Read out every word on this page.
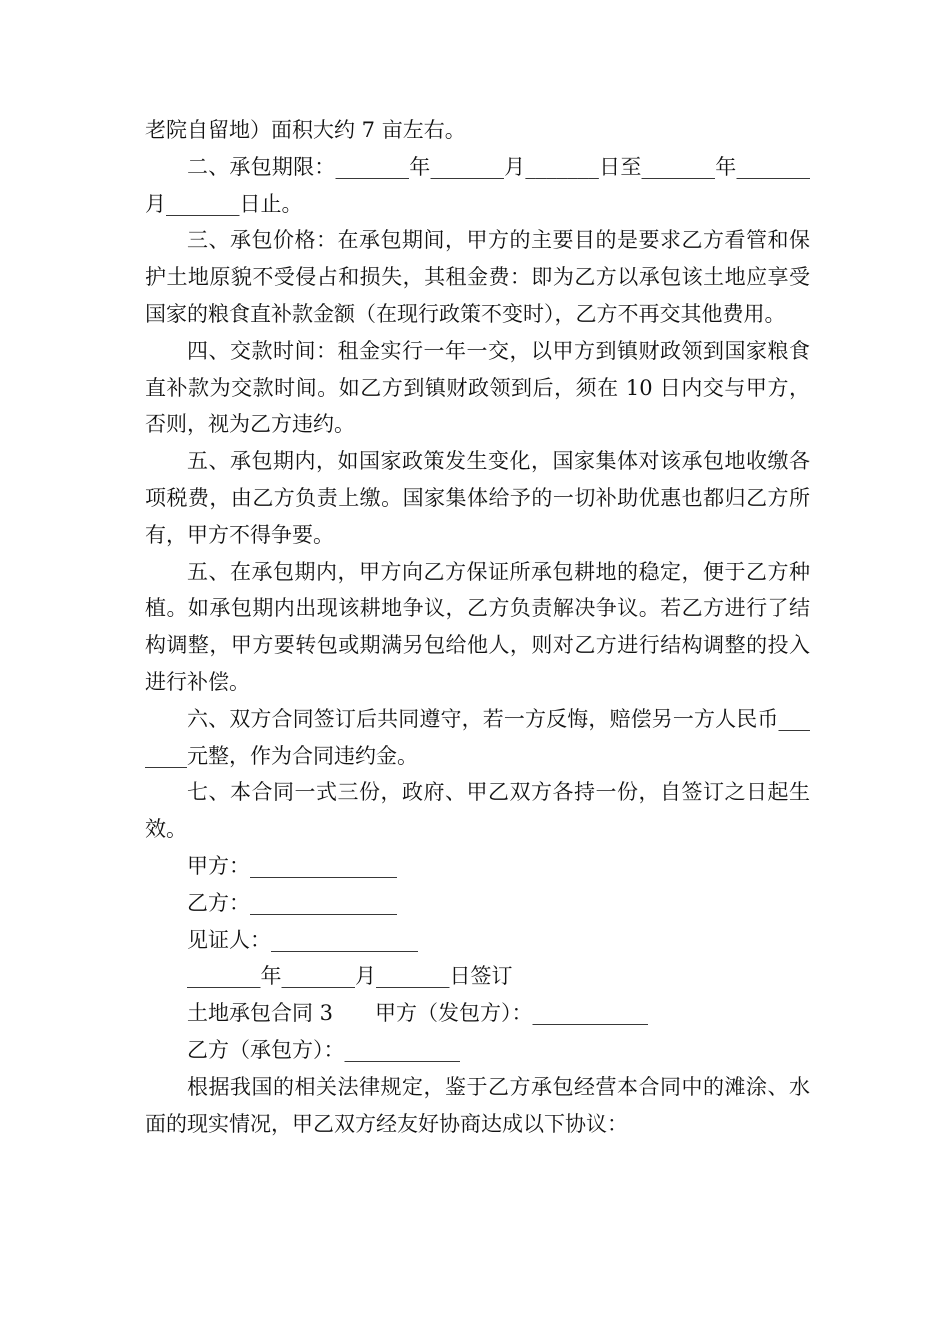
老院自留地）面积大约 7 亩左右。

二、承包期限：_______年_______月_______日至_______年_______月_______日止。

三、承包价格：在承包期间，甲方的主要目的是要求乙方看管和保护土地原貌不受侵占和损失，其租金费：即为乙方以承包该土地应享受国家的粮食直补款金额（在现行政策不变时），乙方不再交其他费用。

四、交款时间：租金实行一年一交，以甲方到镇财政领到国家粮食直补款为交款时间。如乙方到镇财政领到后，须在 10 日内交与甲方，否则，视为乙方违约。

五、承包期内，如国家政策发生变化，国家集体对该承包地收缴各项税费，由乙方负责上缴。国家集体给予的一切补助优惠也都归乙方所有，甲方不得争要。

五、在承包期内，甲方向乙方保证所承包耕地的稳定，便于乙方种植。如承包期内出现该耕地争议，乙方负责解决争议。若乙方进行了结构调整，甲方要转包或期满另包给他人，则对乙方进行结构调整的投入进行补偿。

六、双方合同签订后共同遵守，若一方反悔，赔偿另一方人民币_______元整，作为合同违约金。

七、本合同一式三份，政府、甲乙双方各持一份，自签订之日起生效。

甲方：______________

乙方：______________

见证人：______________

_______年_______月_______日签订

土地承包合同 3　　甲方（发包方）：___________

乙方（承包方）：___________

根据我国的相关法律规定，鉴于乙方承包经营本合同中的滩涂、水面的现实情况，甲乙双方经友好协商达成以下协议：
